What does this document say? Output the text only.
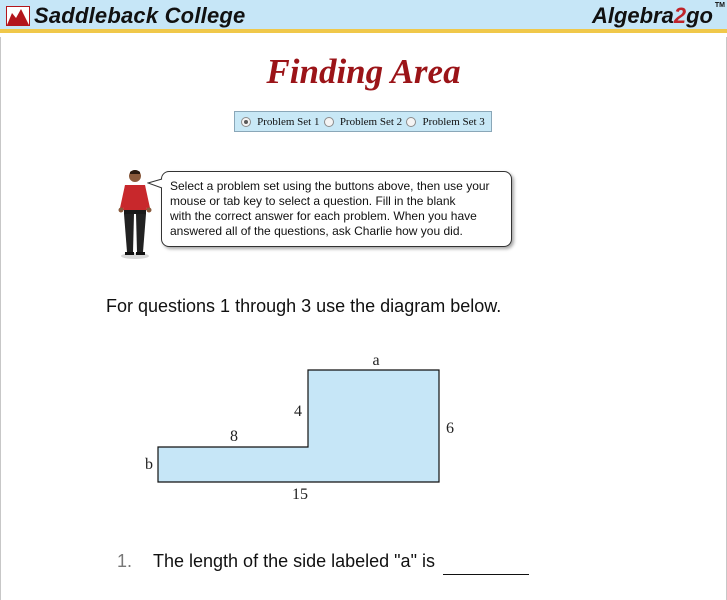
Saddleback College	Algebra2go TM
Finding Area
Problem Set 1 Problem Set 2 Problem Set 3
Select a problem set using the buttons above, then use your
mouse or tab key to select a question. Fill in the blank
with the correct answer for each problem. When you have
answered all of the questions, ask Charlie how you did.
For questions 1 through 3 use the diagram below.
a
4
6
8
b
15
1.	The length of the side labeled "a" is
